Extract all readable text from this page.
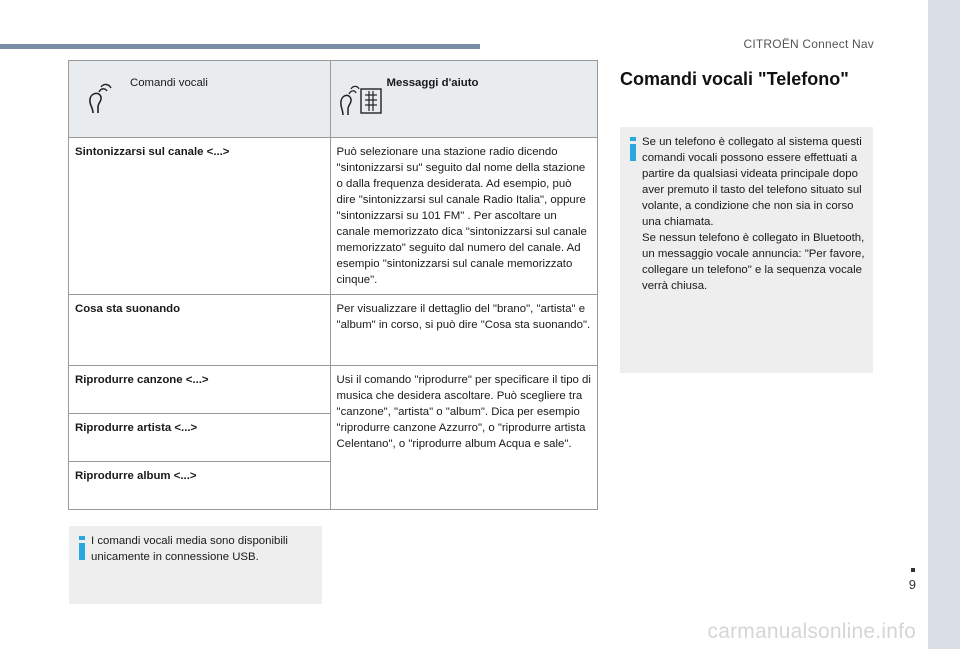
CITROËN Connect Nav
Comandi vocali	Messaggi d'aiuto

Sintonizzarsi sul canale <...>	Può selezionare una stazione radio dicendo "sintonizzarsi su" seguito dal nome della stazione o dalla frequenza desiderata. Ad esempio, può dire "sintonizzarsi sul canale Radio Italia", oppure "sintonizzarsi su 101 FM" . Per ascoltare un canale memorizzato dica "sintonizzarsi sul canale memorizzato" seguito dal numero del canale. Ad esempio "sintonizzarsi sul canale memorizzato cinque".
Cosa sta suonando	Per visualizzare il dettaglio del "brano", "artista" e "album" in corso, si può dire "Cosa sta suonando".
Riprodurre canzone <...>	Usi il comando "riprodurre" per specificare il tipo di musica che desidera ascoltare. Può scegliere tra "canzone", "artista" o "album". Dica per esempio "riprodurre canzone Azzurro", o "riprodurre artista Celentano", o "riprodurre album Acqua e sale".
Riprodurre artista <...>	
Riprodurre album <...>	
I comandi vocali media sono disponibili unicamente in connessione USB.
Comandi vocali "Telefono"
Se un telefono è collegato al sistema questi comandi vocali possono essere effettuati a partire da qualsiasi videata principale dopo aver premuto il tasto del telefono situato sul volante, a condizione che non sia in corso una chiamata.
Se nessun telefono è collegato in Bluetooth, un messaggio vocale annuncia: "Per favore, collegare un telefono" e la sequenza vocale verrà chiusa.
9
carmanualsonline.info
